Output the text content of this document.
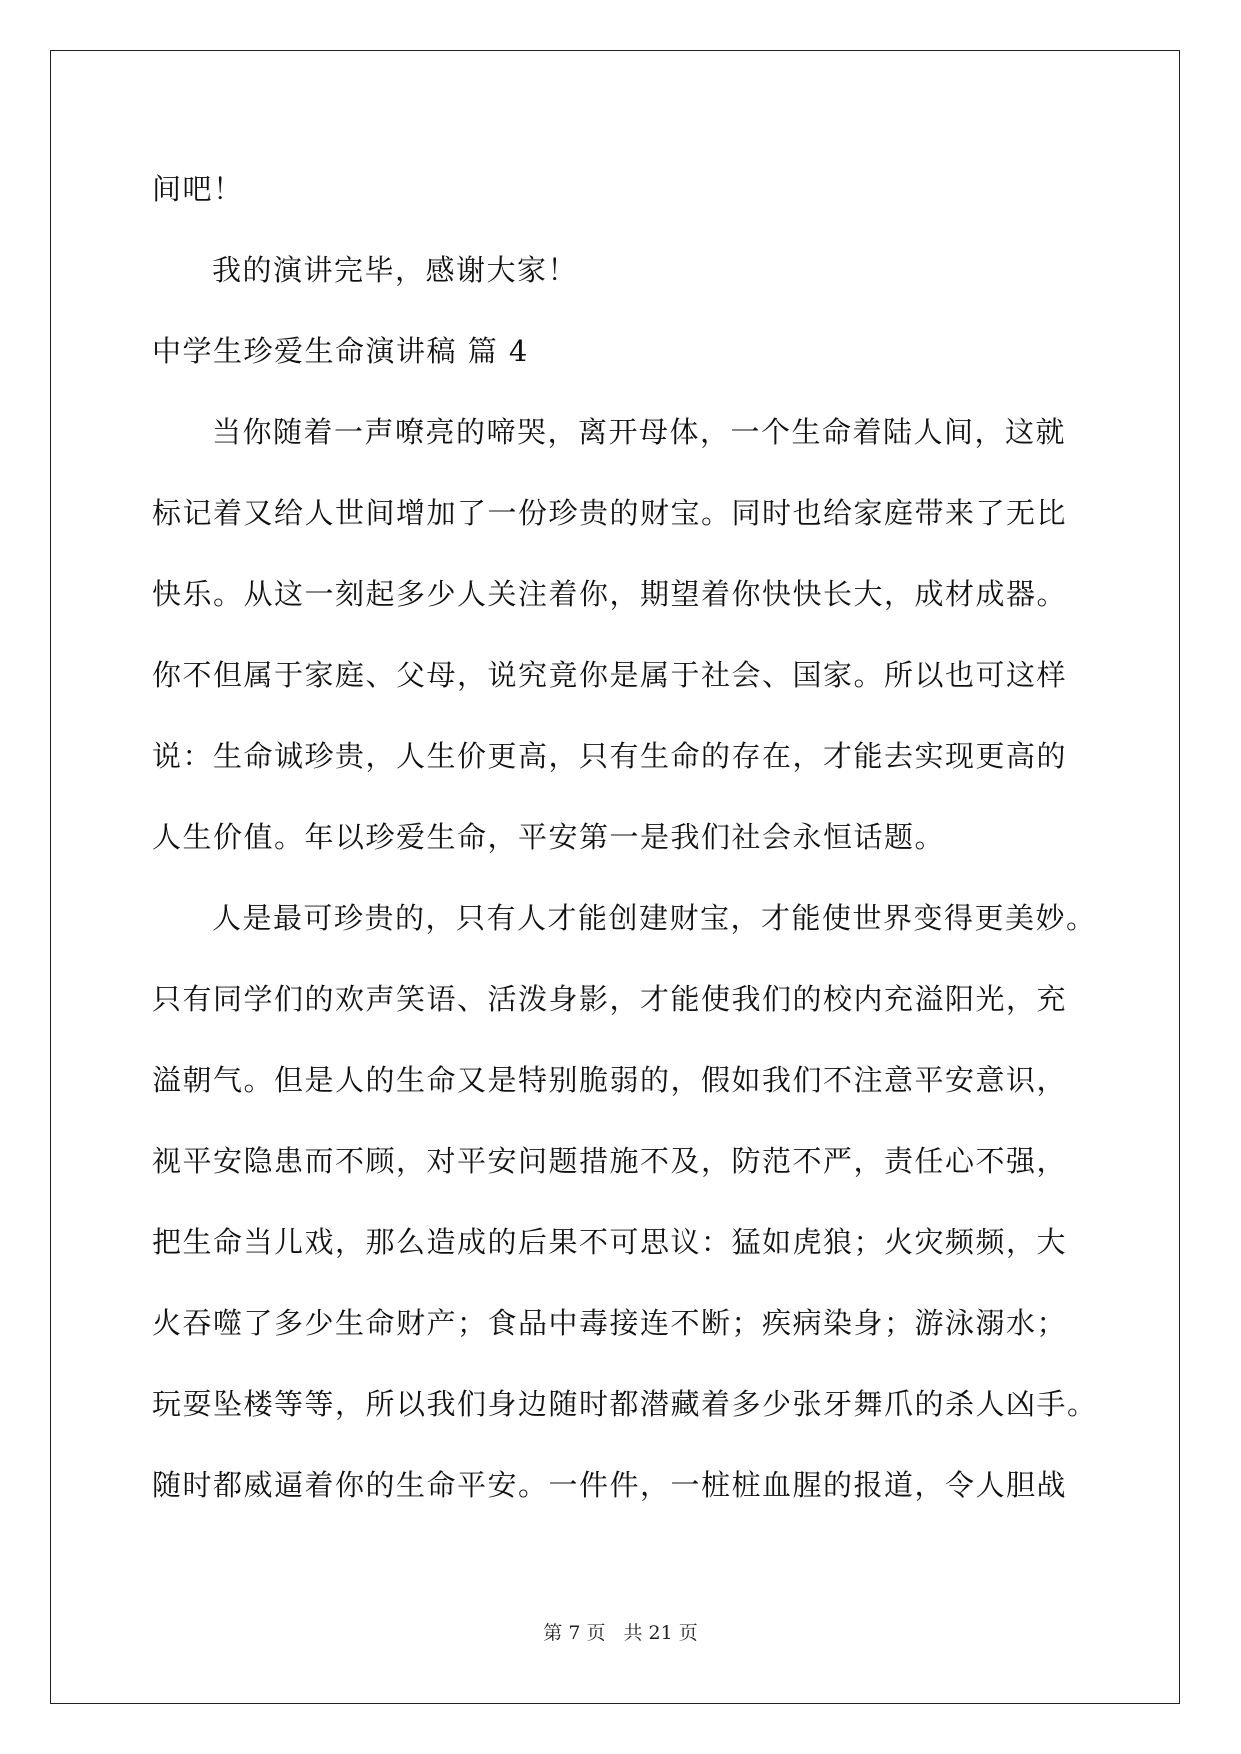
间吧！

我的演讲完毕，感谢大家！

中学生珍爱生命演讲稿 篇 4

当你随着一声嘹亮的啼哭，离开母体，一个生命着陆人间，这就

标记着又给人世间增加了一份珍贵的财宝。同时也给家庭带来了无比

快乐。从这一刻起多少人关注着你，期望着你快快长大，成材成器。

你不但属于家庭、父母，说究竟你是属于社会、国家。所以也可这样

说：生命诚珍贵，人生价更高，只有生命的存在，才能去实现更高的

人生价值。年以珍爱生命，平安第一是我们社会永恒话题。

人是最可珍贵的，只有人才能创建财宝，才能使世界变得更美妙。

只有同学们的欢声笑语、活泼身影，才能使我们的校内充溢阳光，充

溢朝气。但是人的生命又是特别脆弱的，假如我们不注意平安意识，

视平安隐患而不顾，对平安问题措施不及，防范不严，责任心不强，

把生命当儿戏，那么造成的后果不可思议：猛如虎狼；火灾频频，大

火吞噬了多少生命财产；食品中毒接连不断；疾病染身；游泳溺水；

玩耍坠楼等等，所以我们身边随时都潜藏着多少张牙舞爪的杀人凶手。

随时都威逼着你的生命平安。一件件，一桩桩血腥的报道，令人胆战

第 7 页 共 21 页
